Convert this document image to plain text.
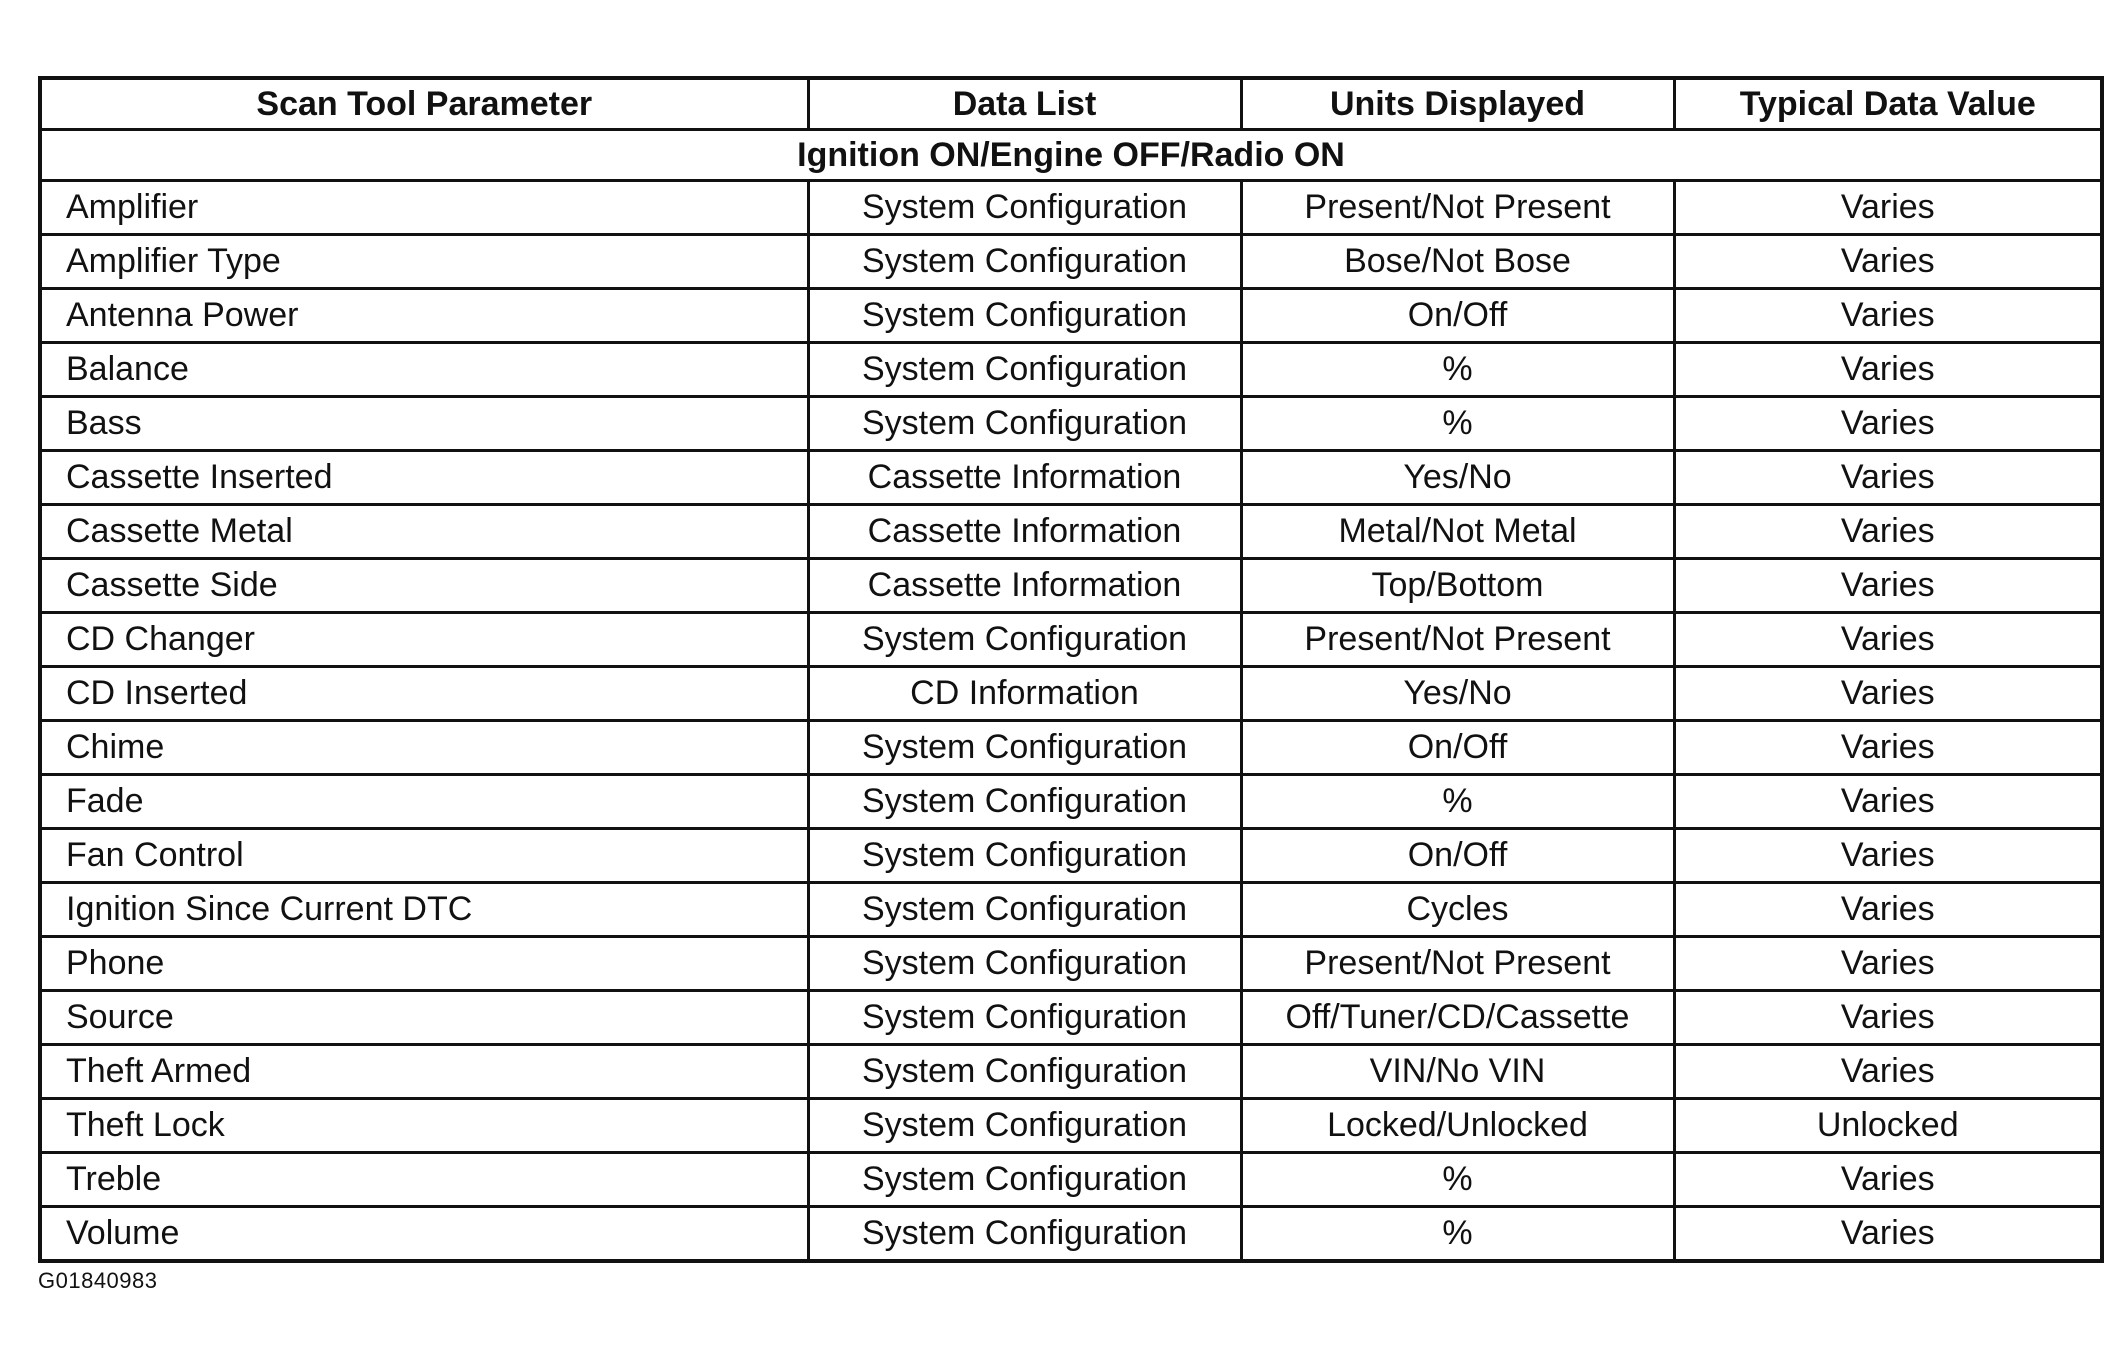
Scan Tool Parameter	Data List	Units Displayed	Typical Data Value
Ignition ON/Engine OFF/Radio ON			
Amplifier	System Configuration	Present/Not Present	Varies
Amplifier Type	System Configuration	Bose/Not Bose	Varies
Antenna Power	System Configuration	On/Off	Varies
Balance	System Configuration	%	Varies
Bass	System Configuration	%	Varies
Cassette Inserted	Cassette Information	Yes/No	Varies
Cassette Metal	Cassette Information	Metal/Not Metal	Varies
Cassette Side	Cassette Information	Top/Bottom	Varies
CD Changer	System Configuration	Present/Not Present	Varies
CD Inserted	CD Information	Yes/No	Varies
Chime	System Configuration	On/Off	Varies
Fade	System Configuration	%	Varies
Fan Control	System Configuration	On/Off	Varies
Ignition Since Current DTC	System Configuration	Cycles	Varies
Phone	System Configuration	Present/Not Present	Varies
Source	System Configuration	Off/Tuner/CD/Cassette	Varies
Theft Armed	System Configuration	VIN/No VIN	Varies
Theft Lock	System Configuration	Locked/Unlocked	Unlocked
Treble	System Configuration	%	Varies
Volume	System Configuration	%	Varies
G01840983
